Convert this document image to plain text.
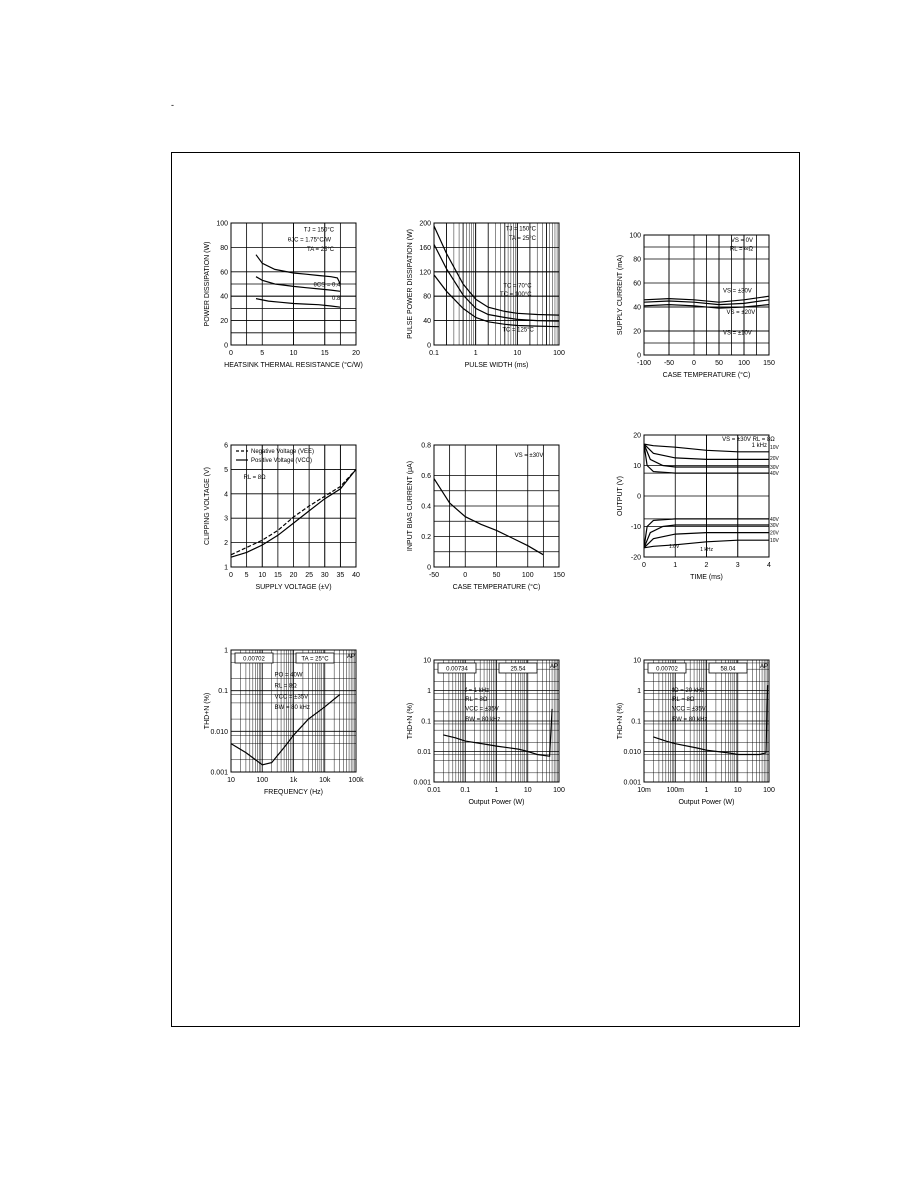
-
0	5	10	15	20
0
20
40
60
80
100
HEATSINK THERMAL RESISTANCE (°C/W)
POWER DISSIPATION (W)
TJ = 150°C
θJC = 1.75°C/W
TA = 25°C
θCS = 0.4
0.8
0.1	1	10	100
0
40
80
120
160
200
PULSE WIDTH (ms)
PULSE POWER DISSIPATION (W)	TJ = 150°C
TA = 25°C
TC = 70°C
TC = 100°C
TC = 125°C
-100 -50	0	50 100 150
0
20
40
60
80
100
CASE TEMPERATURE (°C)
SUPPLY CURRENT (mA)
VS = 0V
RL = ∞Ω
VS = ±30V
VS = ±20V
VS = ±10V
0 5 10 15 20 25 30 35 40
1
2
3
4
5
6
SUPPLY VOLTAGE (±V)
CLIPPING VOLTAGE (V)	RL = 8Ω
Negative Voltage (VEE)
Positive Voltage (VCC)
-50	0	50	100	150
0
0.2
0.4
0.6
0.8
CASE TEMPERATURE (°C)
INPUT BIAS CURRENT (μA)
VS = ±30V
0	1	2	3	4
-20
-10
0
10
20
TIME (ms)
OUTPUT (V)
VS = ±30V RL = 8Ω
1 kHz 10V
20V
30V
40V
40V
30V
20V
10V
1.0V
1 kHz
10	100	1k	10k	100k
0.001
0.010
0.1
1
FREQUENCY (Hz)
THD+N (%)
PO = 40W
RL = 8Ω
VCC = ±35V
BW = 80 kHz
0.00702	TA = 25°C	AP
0.01	0.1	1	10	100
0.001
0.01
0.1
1
10
Output Power (W)
THD+N (%)
f = 1 kHz
RL = 8Ω
VCC = ±35V
BW = 80 kHz
0.00734	25.54	AP
10m 100m	1	10	100
0.001
0.010
0.1
1
10
Output Power (W)
THD+N (%)
fO = 20 kHz
RL = 8Ω
VCC = ±35V
BW = 80 kHz
0.00702	58.04	AP
